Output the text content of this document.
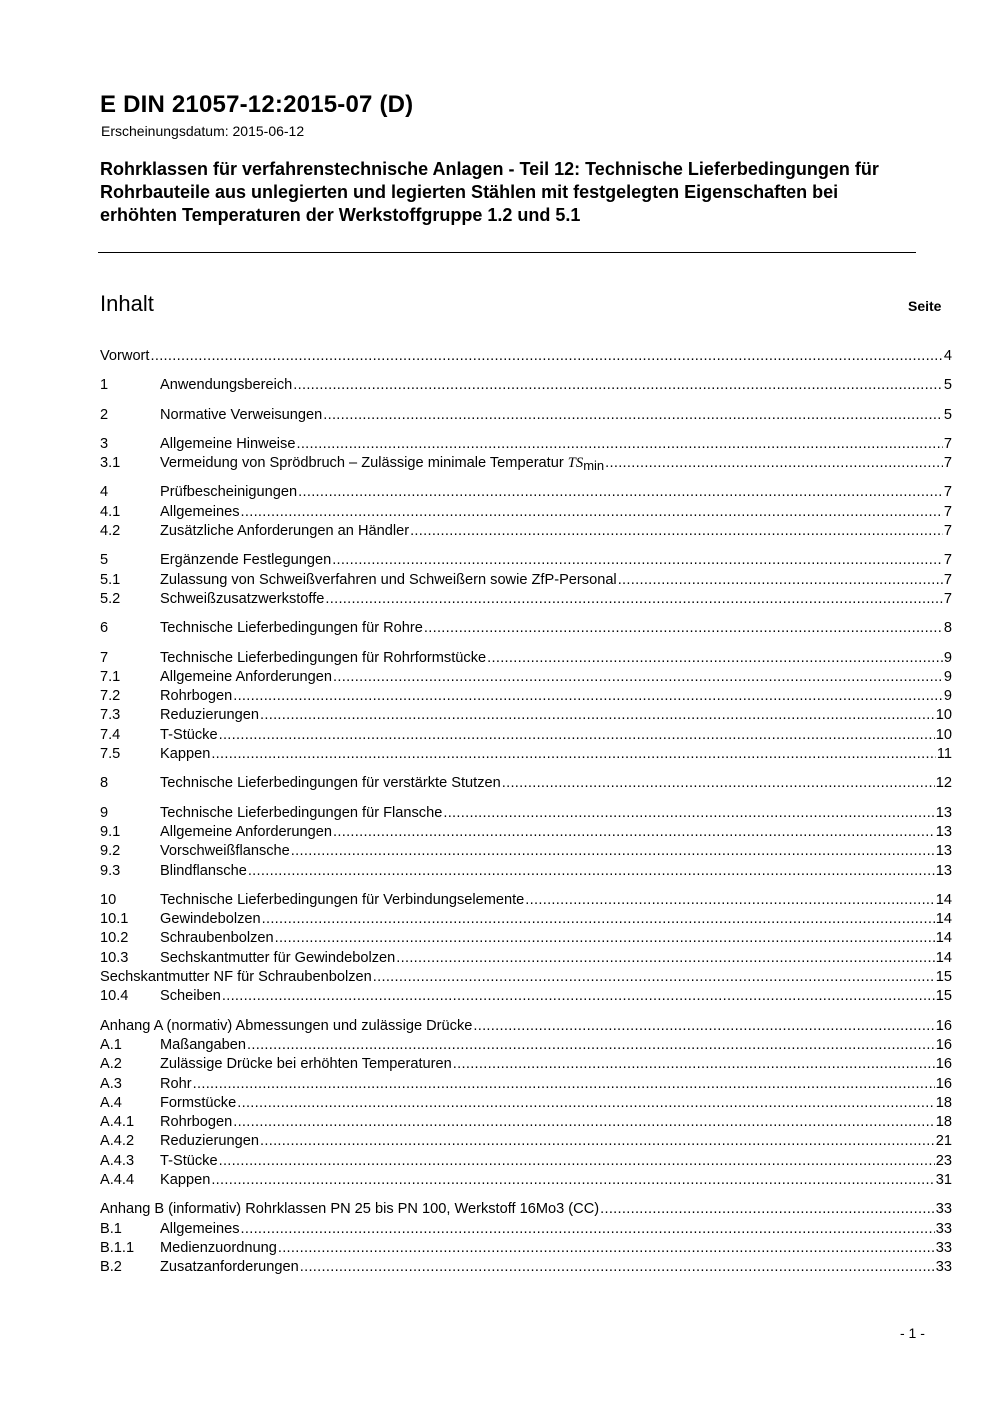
E DIN 21057-12:2015-07 (D)
Erscheinungsdatum: 2015-06-12
Rohrklassen für verfahrenstechnische Anlagen - Teil 12: Technische Lieferbedingungen für Rohrbauteile aus unlegierten und legierten Stählen mit festgelegten Eigenschaften bei erhöhten Temperaturen der Werkstoffgruppe 1.2 und 5.1
Inhalt	Seite
Vorwort .....	4
1	Anwendungsbereich .....	5
2	Normative Verweisungen .....	5
3	Allgemeine Hinweise .....	7
3.1	Vermeidung von Sprödbruch – Zulässige minimale Temperatur TSmin .....	7
4	Prüfbescheinigungen .....	7
4.1	Allgemeines .....	7
4.2	Zusätzliche Anforderungen an Händler .....	7
5	Ergänzende Festlegungen .....	7
5.1	Zulassung von Schweißverfahren und Schweißern sowie ZfP-Personal .....	7
5.2	Schweißzusatzwerkstoffe .....	7
6	Technische Lieferbedingungen für Rohre .....	8
7	Technische Lieferbedingungen für Rohrformstücke .....	9
7.1	Allgemeine Anforderungen .....	9
7.2	Rohrbogen .....	9
7.3	Reduzierungen .....	10
7.4	T-Stücke .....	10
7.5	Kappen .....	11
8	Technische Lieferbedingungen für verstärkte Stutzen .....	12
9	Technische Lieferbedingungen für Flansche .....	13
9.1	Allgemeine Anforderungen .....	13
9.2	Vorschweißflansche .....	13
9.3	Blindflansche .....	13
10	Technische Lieferbedingungen für Verbindungselemente .....	14
10.1	Gewindebolzen .....	14
10.2	Schraubenbolzen .....	14
10.3	Sechskantmutter für Gewindebolzen .....	14
Sechskantmutter NF für Schraubenbolzen .....	15
10.4	Scheiben .....	15
Anhang A (normativ) Abmessungen und zulässige Drücke .....	16
A.1	Maßangaben .....	16
A.2	Zulässige Drücke bei erhöhten Temperaturen .....	16
A.3	Rohr .....	16
A.4	Formstücke .....	18
A.4.1	Rohrbogen .....	18
A.4.2	Reduzierungen .....	21
A.4.3	T-Stücke .....	23
A.4.4	Kappen .....	31
Anhang B (informativ) Rohrklassen PN 25 bis PN 100, Werkstoff 16Mo3 (CC) .....	33
B.1	Allgemeines .....	33
B.1.1	Medienzuordnung .....	33
B.2	Zusatzanforderungen .....	33
- 1 -
